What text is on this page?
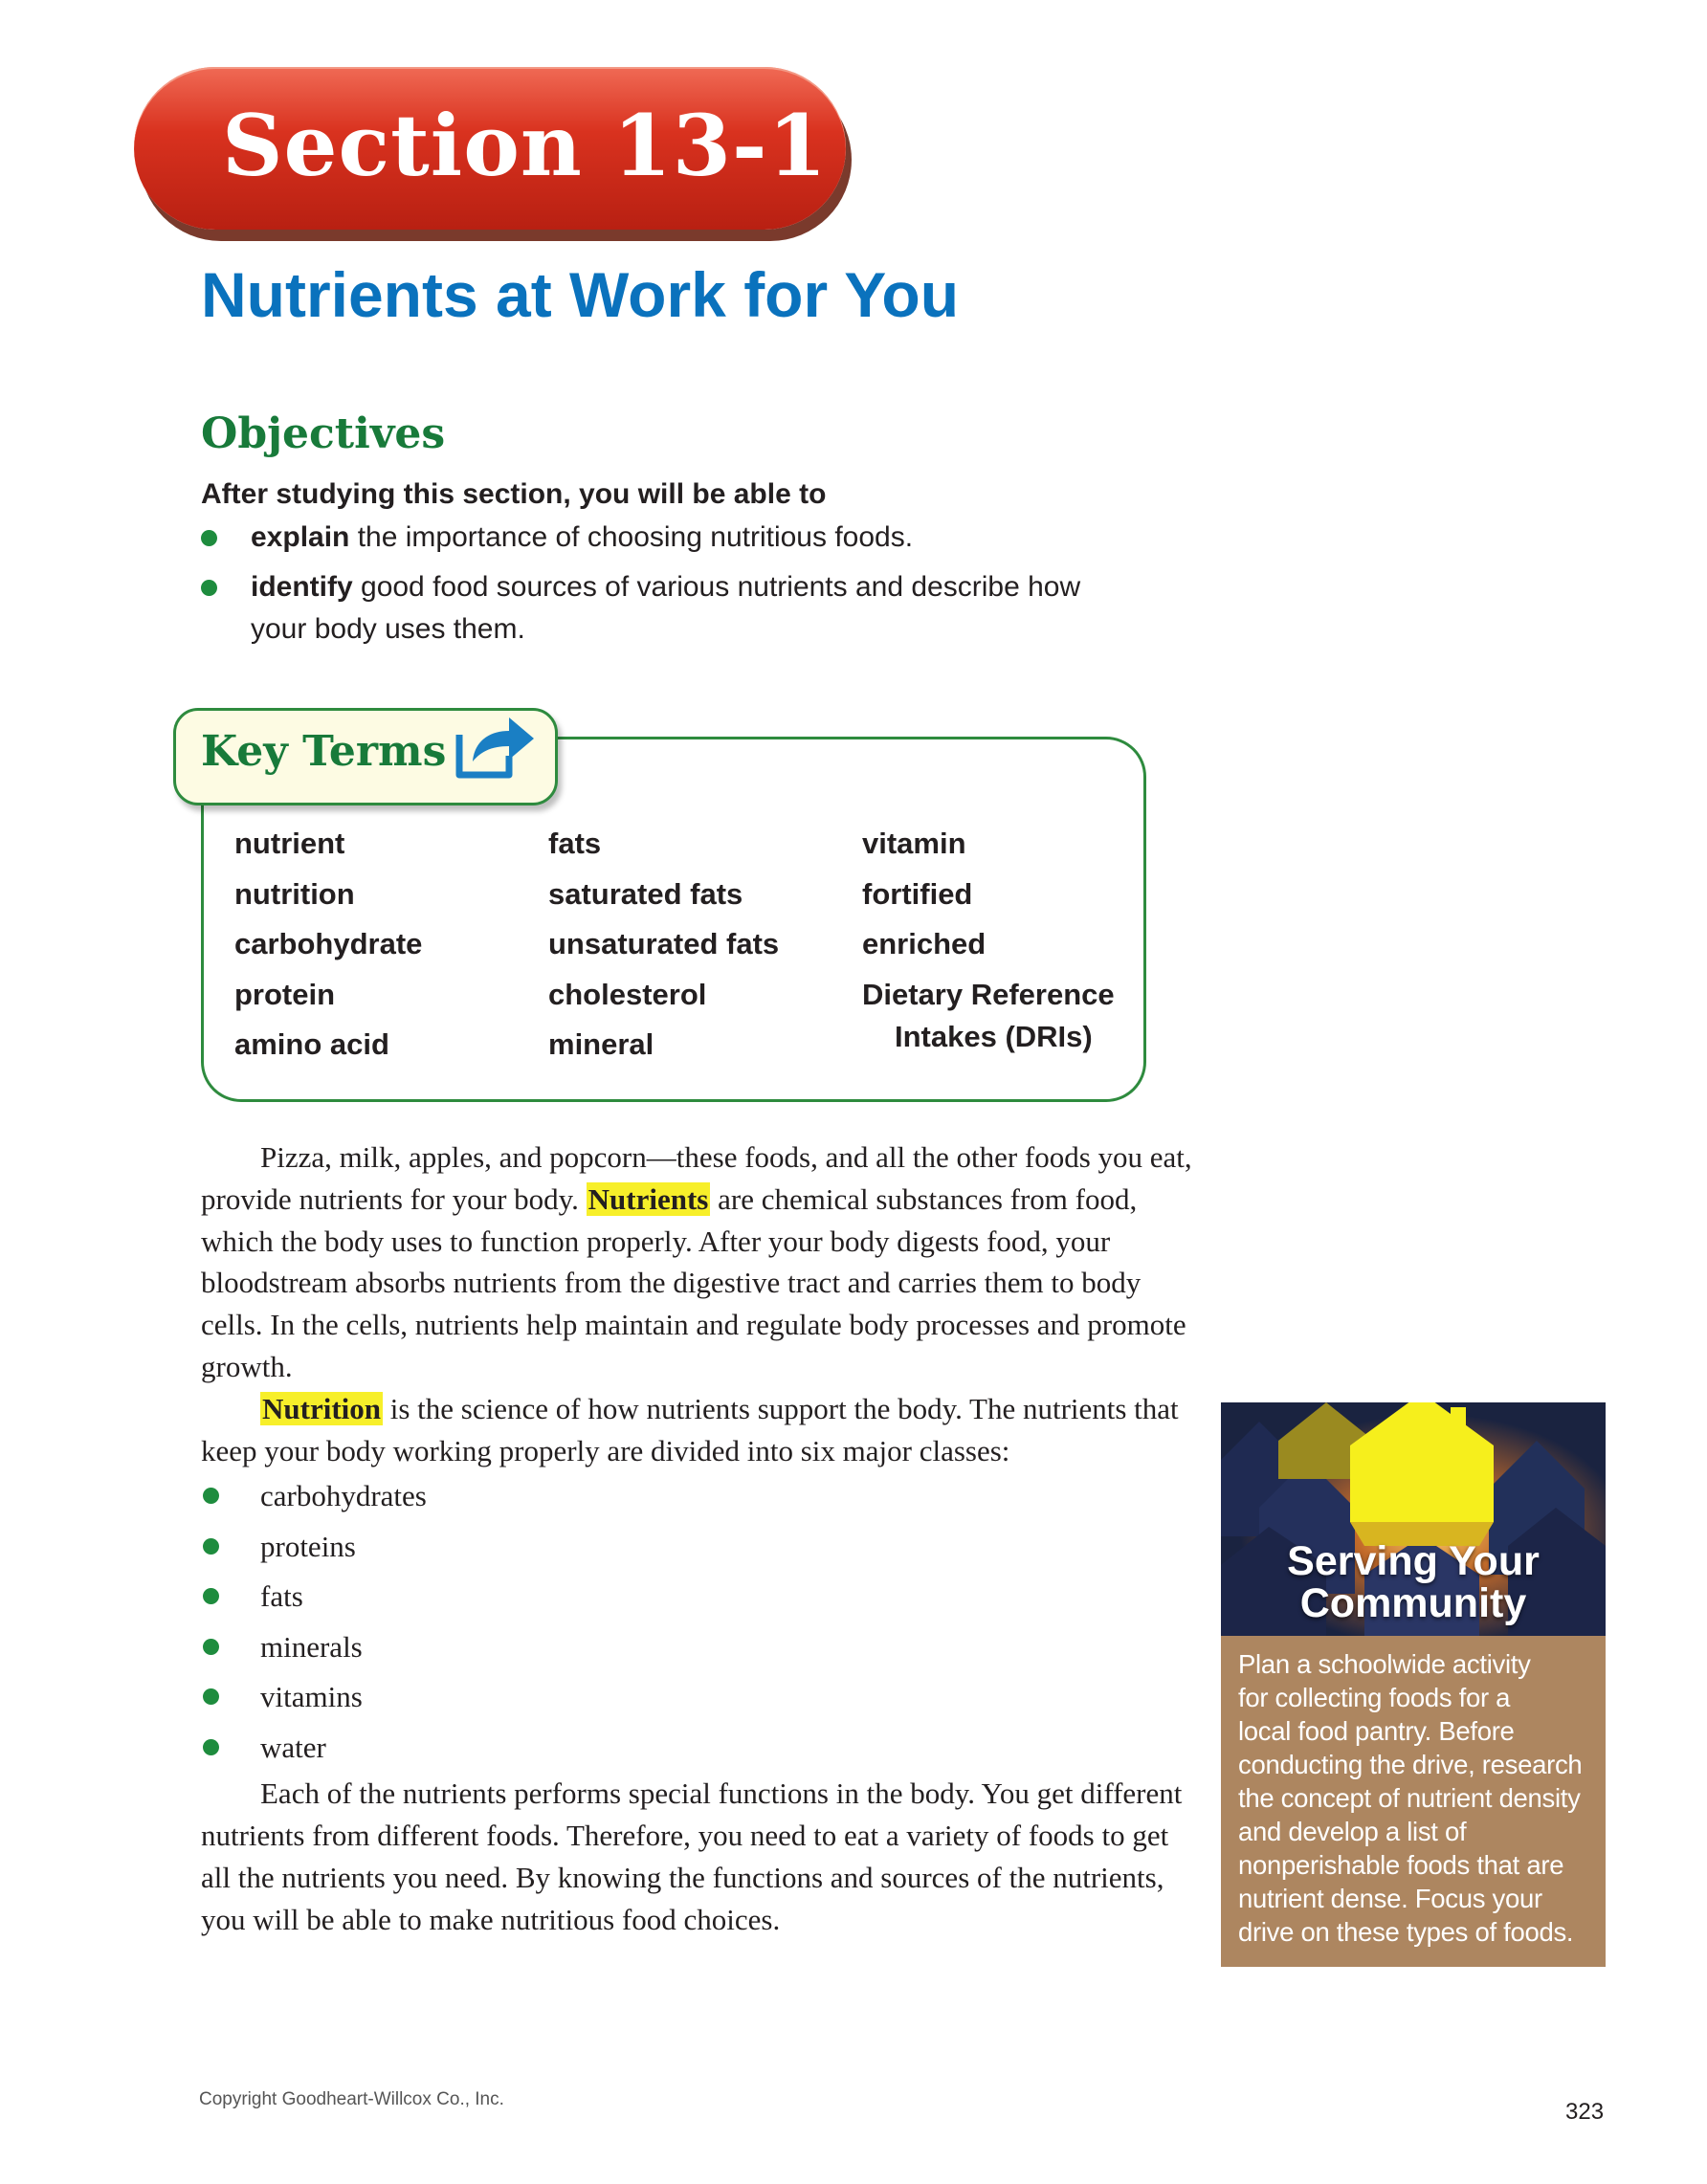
Section 13-1
Nutrients at Work for You
Objectives
After studying this section, you will be able to
explain the importance of choosing nutritious foods.
identify good food sources of various nutrients and describe how
your body uses them.
Key Terms
nutrient
nutrition
carbohydrate
protein
amino acid
fats
saturated fats
unsaturated fats
cholesterol
mineral
vitamin
fortified
enriched
Dietary Reference
Intakes (DRIs)

Pizza, milk, apples, and popcorn—these foods, and all the other foods you eat, provide nutrients for your body. Nutrients are chemical substances from food, which the body uses to function properly. After your body digests food, your bloodstream absorbs nutrients from the digestive tract and carries them to body cells. In the cells, nutrients help maintain and regulate body processes and promote growth.

Nutrition is the science of how nutrients support the body. The nutrients that keep your body working properly are divided into six major classes:

carbohydrates
proteins
fats
minerals
vitamins
water

Each of the nutrients performs special functions in the body. You get different nutrients from different foods. Therefore, you need to eat a variety of foods to get all the nutrients you need. By knowing the functions and sources of the nutrients, you will be able to make nutritious food choices.

Serving Your
Community
Plan a schoolwide activity
for collecting foods for a
local food pantry. Before
conducting the drive, research
the concept of nutrient density
and develop a list of
nonperishable foods that are
nutrient dense. Focus your
drive on these types of foods.
Copyright Goodheart-Willcox Co., Inc.	323
